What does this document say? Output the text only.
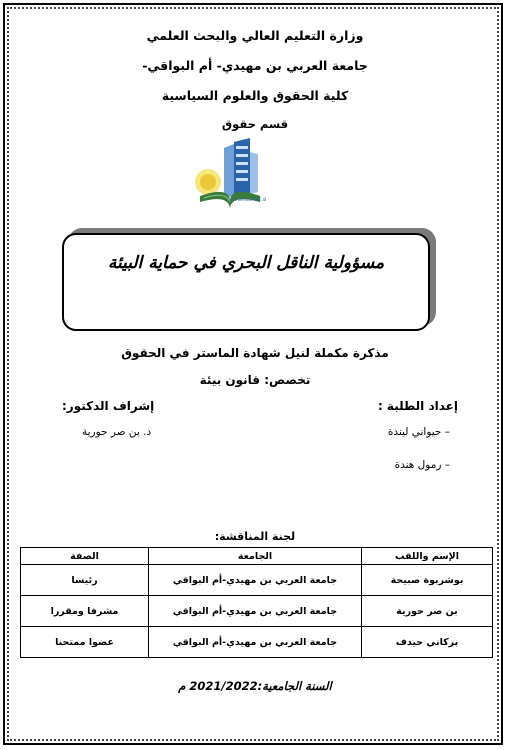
وزارة التعليم العالي والبحث العلمي
جامعة العربي بن مهيدي- أم البواقي-
كلية الحقوق والعلوم السياسية
قسم حقوق
Université O.E.B
مسؤولية الناقل البحري في حماية البيئة
مذكرة مكملة لنيل شهادة الماستر في الحقوق
تخصص: قانون بيئة
إعداد الطلبة :
إشراف الدكتور:
– حيواني ليندة
– رمول هندة
د. بن صر حورية
لجنة المناقشة:
الإسم واللقب	الجامعة	الصفة
بوشربوة صبيحة	جامعة العربي بن مهيدي-أم البواقي	رئيسا
بن صر حورية	جامعة العربي بن مهيدي-أم البواقي	مشرفا ومقررا
بركاني حيدف	جامعة العربي بن مهيدي-أم البواقي	عضوا ممتحنا
السنة الجامعية:2021/2022 م
